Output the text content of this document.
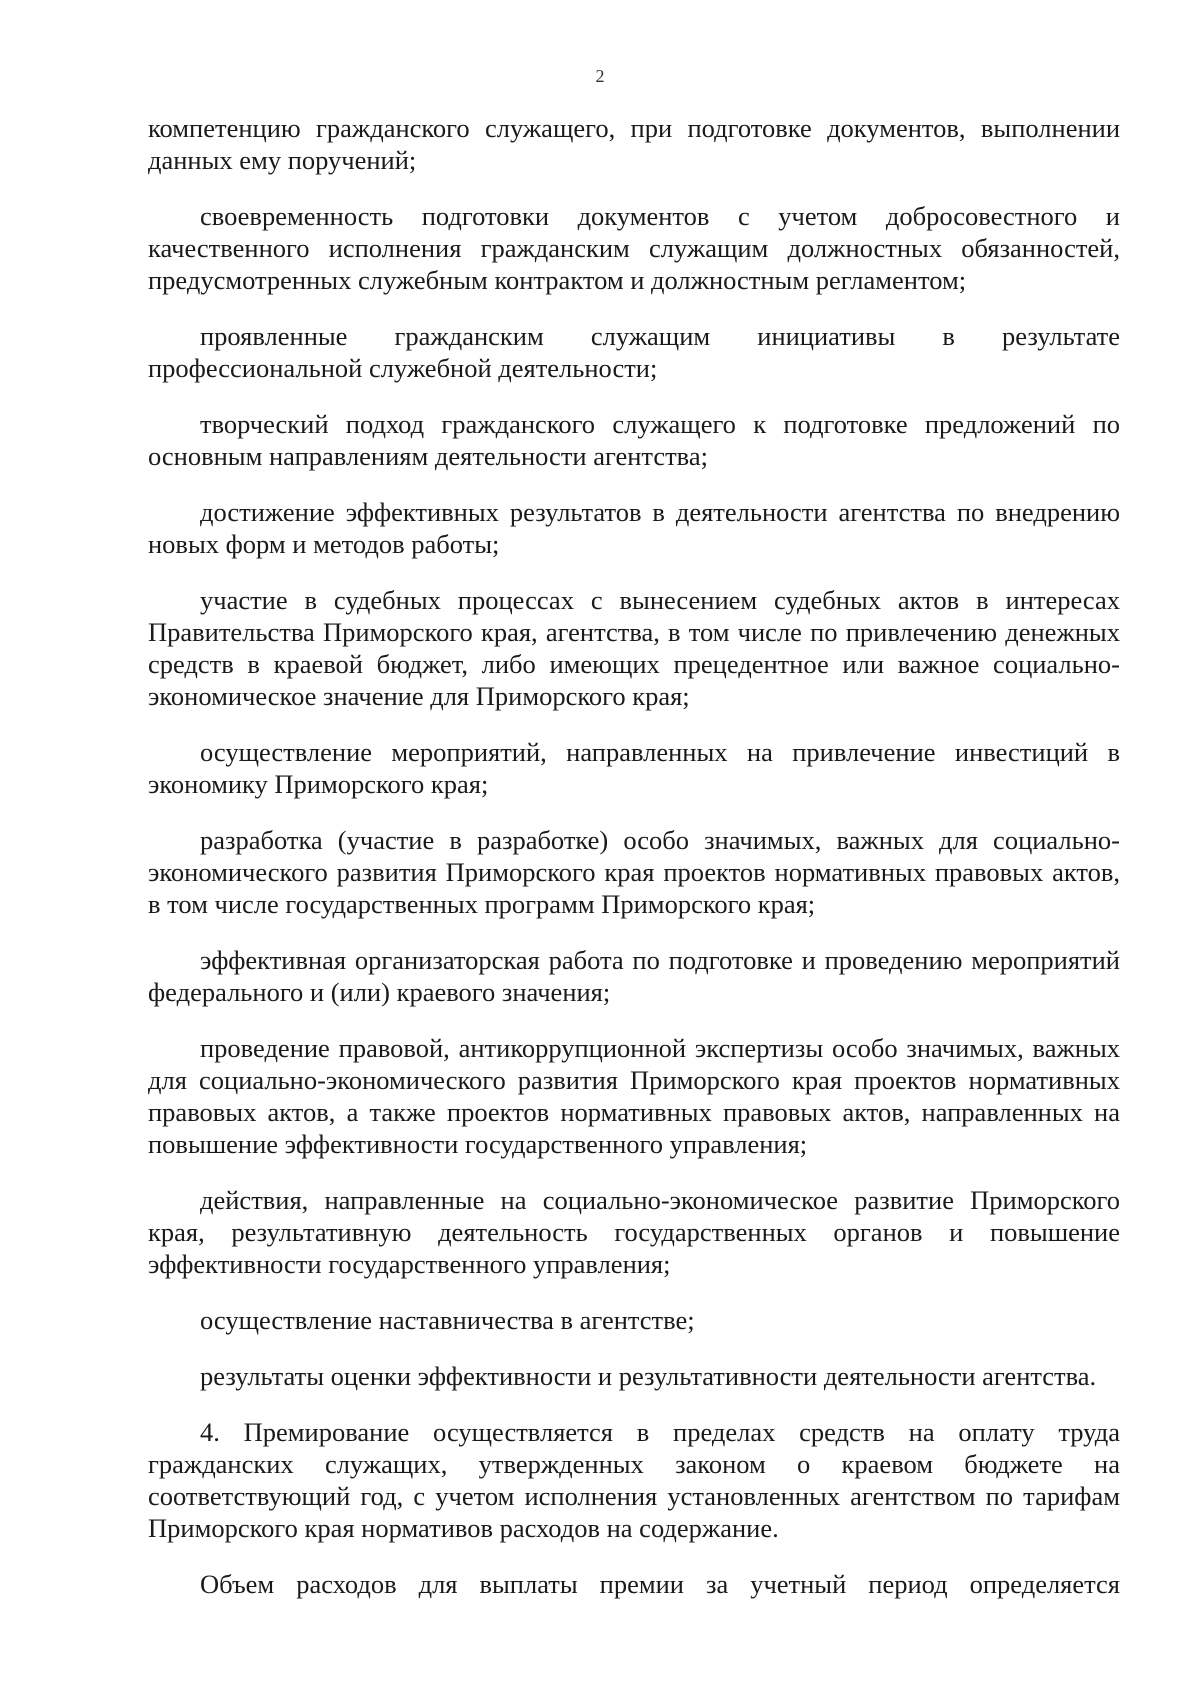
2

компетенцию гражданского служащего, при подготовке документов, выполнении данных ему поручений;

своевременность подготовки документов с учетом добросовестного и качественного исполнения гражданским служащим должностных обязанностей, предусмотренных служебным контрактом и должностным регламентом;

проявленные гражданским служащим инициативы в результате профессиональной служебной деятельности;

творческий подход гражданского служащего к подготовке предложений по основным направлениям деятельности агентства;

достижение эффективных результатов в деятельности агентства по внедрению новых форм и методов работы;

участие в судебных процессах с вынесением судебных актов в интересах Правительства Приморского края, агентства, в том числе по привлечению денежных средств в краевой бюджет, либо имеющих прецедентное или важное социально-экономическое значение для Приморского края;

осуществление мероприятий, направленных на привлечение инвестиций в экономику Приморского края;

разработка (участие в разработке) особо значимых, важных для социально-экономического развития Приморского края проектов нормативных правовых актов, в том числе государственных программ Приморского края;

эффективная организаторская работа по подготовке и проведению мероприятий федерального и (или) краевого значения;

проведение правовой, антикоррупционной экспертизы особо значимых, важных для социально-экономического развития Приморского края проектов нормативных правовых актов, а также проектов нормативных правовых актов, направленных на повышение эффективности государственного управления;

действия, направленные на социально-экономическое развитие Приморского края, результативную деятельность государственных органов и повышение эффективности государственного управления;

осуществление наставничества в агентстве;

результаты оценки эффективности и результативности деятельности агентства.

4. Премирование осуществляется в пределах средств на оплату труда гражданских служащих, утвержденных законом о краевом бюджете на соответствующий год, с учетом исполнения установленных агентством по тарифам Приморского края нормативов расходов на содержание.

Объем расходов для выплаты премии за учетный период определяется
